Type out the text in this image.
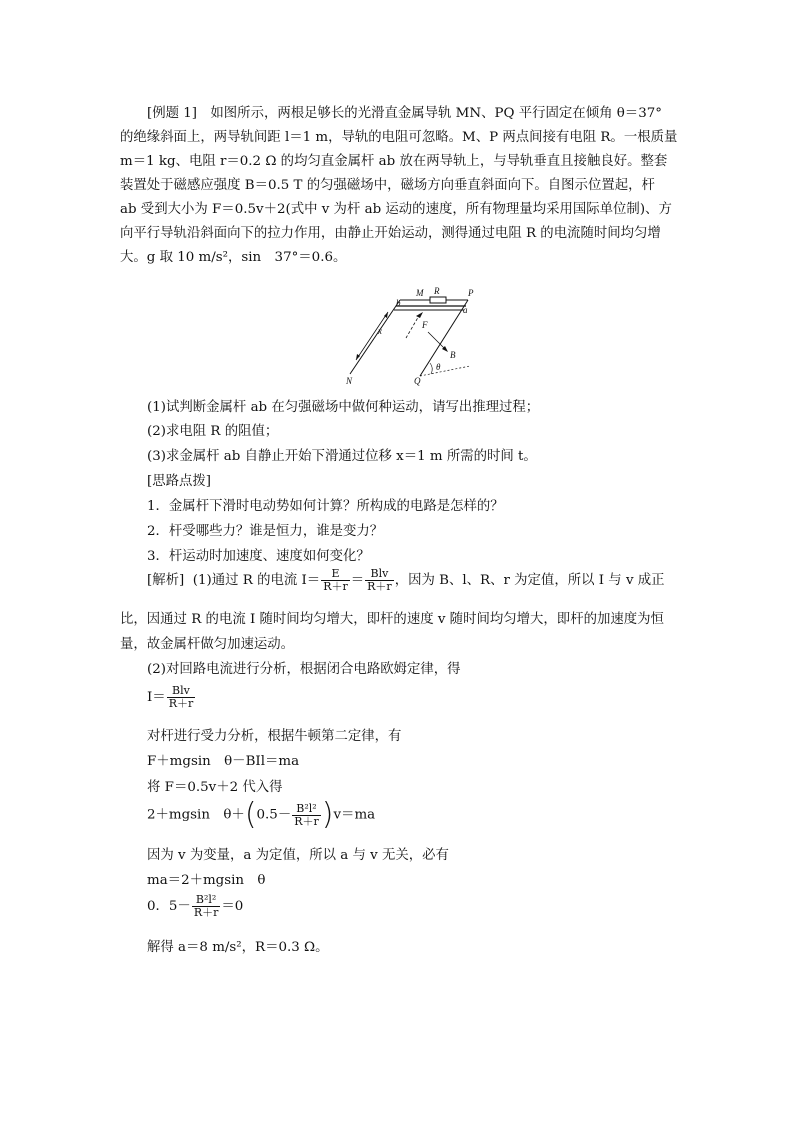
[例题 1]　如图所示，两根足够长的光滑直金属导轨 MN、PQ 平行固定在倾角 θ＝37°
的绝缘斜面上，两导轨间距 l＝1 m，导轨的电阻可忽略。M、P 两点间接有电阻 R。一根质量
m＝1 kg、电阻 r＝0.2 Ω 的均匀直金属杆 ab 放在两导轨上，与导轨垂直且接触良好。整套
装置处于磁感应强度 B＝0.5 T 的匀强磁场中，磁场方向垂直斜面向下。自图示位置起，杆
ab 受到大小为 F＝0.5v＋2(式中 v 为杆 ab 运动的速度，所有物理量均采用国际单位制)、方
向平行导轨沿斜面向下的拉力作用，由静止开始运动，测得通过电阻 R 的电流随时间均匀增
大。g 取 10 m/s²，sin　37°＝0.6。
b
M R	P
a
F
x
B
θ
N	Q
(1)试判断金属杆 ab 在匀强磁场中做何种运动，请写出推理过程；
(2)求电阻 R 的阻值；
(3)求金属杆 ab 自静止开始下滑通过位移 x＝1 m 所需的时间 t。
[思路点拨]
1．金属杆下滑时电动势如何计算？所构成的电路是怎样的？
2．杆受哪些力？谁是恒力，谁是变力？
3．杆运动时加速度、速度如何变化？
[解析] (1)通过 R 的电流 $I= \frac{E}{R+r} = \frac{\text{Blv}}{R+r}$ ，因为 B、l、R、r 为定值，所以 I 与 v 成正
比，因通过 R 的电流 I 随时间均匀增大，即杆的速度 v 随时间均匀增大，即杆的加速度为恒
量，故金属杆做匀加速运动。
(2)对回路电流进行分析，根据闭合电路欧姆定律，得
$I= \frac{\text{Blv}}{R+r}$
对杆进行受力分析，根据牛顿第二定律，有
F＋mgsin　θ－BIl＝ma
将 F＝0.5v＋2 代入得
2＋mgsin　$\theta+(0.5- \frac{\text{B²l²}}{R+r} )v=ma$
因为 v 为变量，a 为定值，所以 a 与 v 无关，必有
ma＝2＋mgsin　θ
0．$5- \frac{\text{B²l²}}{R+r} =0$
解得 a＝8 m/s²，R＝0.3 Ω。
